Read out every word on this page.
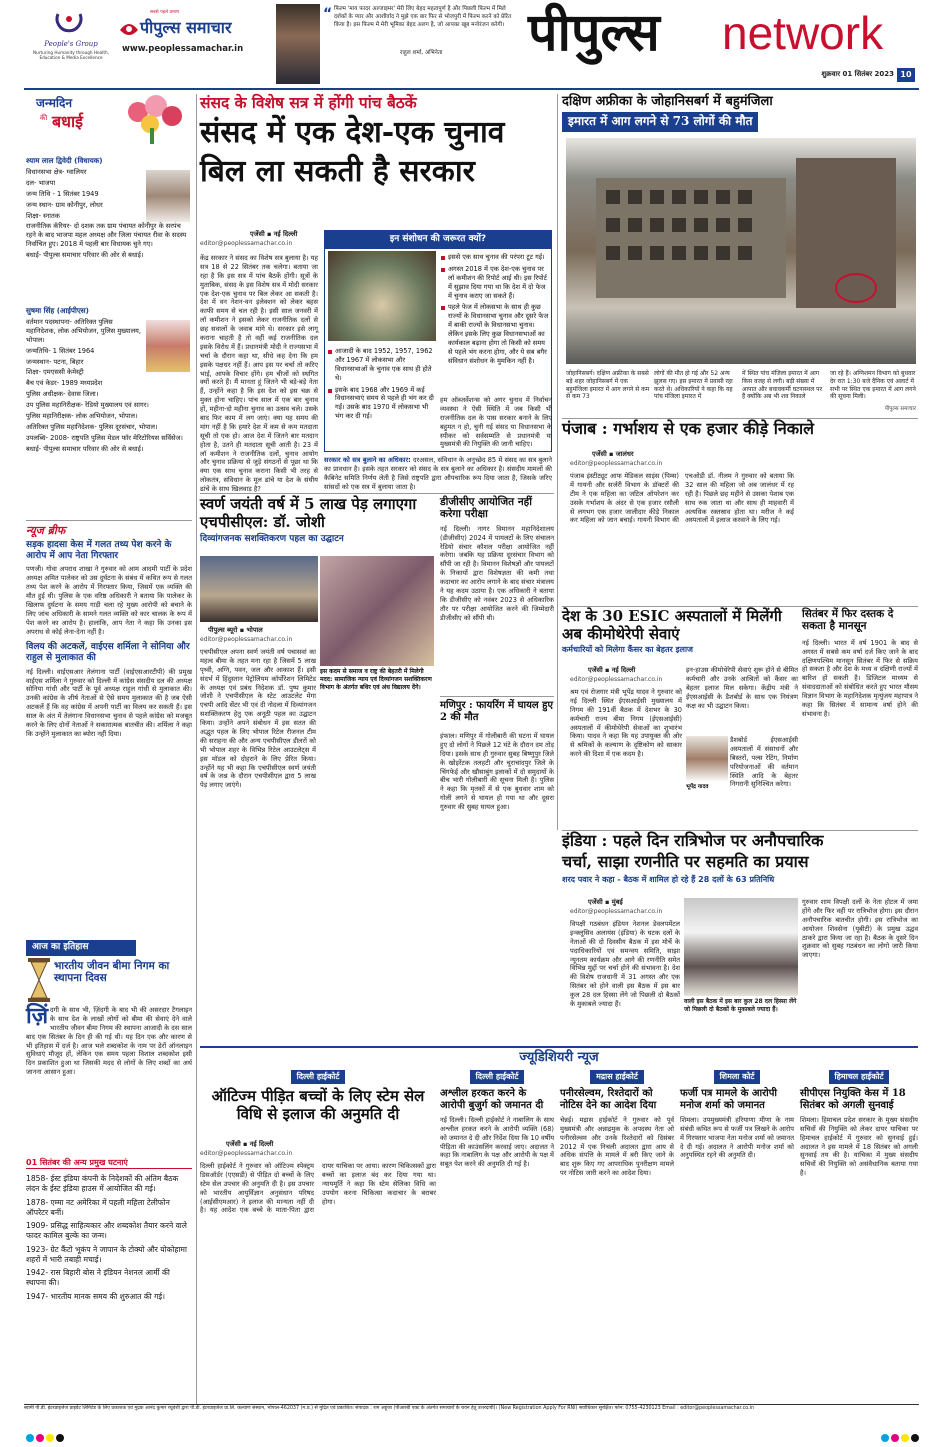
People's Group
Nurturing Humanity through Health, Education & Media Excellence
सबसे पहले प्रमाण
पीपुल्स समाचार
www.peoplessamachar.in
“ फिल्म 'माय फादर अल्जाइमर' मेरी लिए बेहद महत्वपूर्ण है और पिछली फिल्म में मिले दर्शकों के प्यार और आशीर्वाद ने मुझे एक बार फिर से भोजपुरी में फिल्म करने को प्रेरित किया है। इस फिल्म में मेरी भूमिका बेहद अलग है, जो आपका खूब मनोरंजन करेगी।
राहुल शर्मा, अभिनेता	पीपुल्स network
शुक्रवार 01 सितंबर 2023 10
जन्मदिन
की बधाई
श्याम लाल द्विवेदी (विधायक)
विधानसभा क्षेत्र- ग्वालियर
दल- भाजपा
जन्म तिथि - 1 सितंबर 1949
जन्म स्थान- ग्राम कोनीपुर, लोधर
शिक्षा- स्नातक
राजनीतिक कॅरियर- दो दशक तक ग्राम पंचायत कोनीपुर के सरपंच रहने के बाद भाजपा महल अध्यक्ष और जिला पंचायत रीवा के सदस्य निर्वाचित हुए। 2018 में पहली बार विधायक चुने गए।
बधाई- पीपुल्स समाचार परिवार की ओर से बधाई।
सुषमा सिंह (आईपीएस)
वर्तमान पदस्थापना- अतिरिक्त पुलिस महानिदेशक, लोक अभियोजन, पुलिस मुख्यालय, भोपाल।
जन्मतिथि- 1 सितंबर 1964
जन्मस्थान- पटना, बिहार
शिक्षा- एमएससी केमेस्ट्री
बैच एवं केडर- 1989 मध्यप्रदेश
पुलिस अधीक्षक- देवास जिला।
उप पुलिस महानिरीक्षक- रेडियो मुख्यालय एवं सागर।
पुलिस महानिरीक्षक- लोक अभियोजन, भोपाल।
अतिरिक्त पुलिस महानिदेशक- पुलिस दूरसंचार, भोपाल।
उपलब्धि- 2008- राष्ट्रपति पुलिस मेडल फॉर मेरिटोरियस सर्विसेज।
बधाई- पीपुल्स समाचार परिवार की ओर से बधाई।
न्यूज ब्रीफ
सड़क हादसा केस में गलत तथ्य पेश करने के आरोप में आप नेता गिरफ्तार
पणजी। गोवा अपराध शाखा ने गुरुवार को आम आदमी पार्टी के प्रदेश अध्यक्ष अमित पालेकर को उस दुर्घटना के संबंध में कथित रूप से गलत तथ्य पेश करने के आरोप में गिरफ्तार किया, जिसमें एक व्यक्ति की मौत हुई थी। पुलिस के एक वरिष्ठ अधिकारी ने बताया कि पालेकर के खिलाफ दुर्घटना के समय गाड़ी चला रहे मुख्य आरोपी को बचाने के लिए जांच अधिकारी के सामने गलत व्यक्ति को कार चालक के रूप में पेश करने का आरोप है। हालांकि, आप नेता ने कहा कि उनका इस अपराध से कोई लेना-देना नहीं है।
विलय की अटकलें, वाईएस शर्मिला ने सोनिया और राहुल से मुलाकात की
नई दिल्ली। वाईएसआर तेलंगाना पार्टी (वाईएसआरटीपी) की प्रमुख वाईएस शर्मिला ने गुरुवार को दिल्ली में कांग्रेस संसदीय दल की अध्यक्ष सोनिया गांधी और पार्टी के पूर्व अध्यक्ष राहुल गांधी से मुलाकात की। उनकी कांग्रेस के शीर्ष नेताओं से ऐसे समय मुलाकात की है जब ऐसी अटकलें हैं कि वह कांग्रेस में अपनी पार्टी का विलय कर सकती हैं। इस साल के अंत में तेलंगाना विधानसभा चुनाव से पहले कांग्रेस को मजबूत करने के लिए दोनों नेताओं ने सकारात्मक बातचीत की। शर्मिला ने कहा कि उन्होंने मुलाकात का ब्योरा नहीं दिया।
आज का इतिहास
भारतीय जीवन बीमा निगम का स्थापना दिवस
ज़िंदगी के साथ भी, ज़िंदगी के बाद भी की असरदार टैगलाइन के साथ देश के लाखों लोगों को बीमा की सेवाएं देने वाले भारतीय जीवन बीमा निगम की स्थापना आजादी के दस साल बाद एक सितंबर के दिन ही की गई थी। यह दिन एक और कारण से भी इतिहास में दर्ज है। आज भले शब्दकोश के नाम पर ढेरों ऑनलाइन सुविधाएं मौजूद हों, लेकिन एक समय पहला विशाल शब्दकोश इसी दिन प्रकाशित हुआ था जिसकी मदद से लोगों के लिए शब्दों का अर्थ जानना आसान हुआ।
01 सितंबर की अन्य प्रमुख घटनाएं
1858- ईस्ट इंडिया कंपनी के निदेशकों की अंतिम बैठक लंदन के ईस्ट इंडिया हाउस में आयोजित की गई।
1878- एम्मा नट अमेरिका में पहली महिला टेलीफोन ऑपरेटर बनीं।
1909- प्रसिद्ध साहित्यकार और शब्दकोश तैयार करने वाले फादर कामिल बुल्के का जन्म।
1923- ग्रेट कैंटो भूकंप ने जापान के टोक्यो और योकोहामा शहरों में भारी तबाही मचाई।
1942- रास बिहारी बोस ने इंडियन नेशनल आर्मी की स्थापना की।
1947- भारतीय मानक समय की शुरुआत की गई।
संसद के विशेष सत्र में होंगी पांच बैठकें
संसद में एक देश-एक चुनाव बिल ला सकती है सरकार
एजेंसी ▪ नई दिल्ली
editor@peoplessamachar.co.in
केंद्र सरकार ने संसद का विशेष सत्र बुलाया है। यह सत्र 18 से 22 सितंबर तक चलेगा। बताया जा रहा है कि इस सत्र में पांच बैठकें होंगी। सूत्रों के मुताबिक, संसद के इस विशेष सत्र में मोदी सरकार एक देश-एक चुनाव पर बिल लेकर आ सकती है। देश में वन नेशन-वन इलेक्शन को लेकर बहस काफी समय से चल रही है। इसी साल जनवरी में लॉ कमीशन ने इसको लेकर राजनीतिक दलों से छह सवालों के जवाब मांगे थे। सरकार इसे लागू कराना चाहती है तो वहीं कई राजनीतिक दल इसके विरोध में हैं। प्रधानमंत्री मोदी ने राज्यसभा में चर्चा के दौरान कहा था, सीधे कह देना कि हम इसके पक्षधर नहीं हैं। आप इस पर चर्चा तो करिए भाई, आपके विचार होंगे। हम चीजों को स्थगित क्यों करते हैं। मैं मानता हूं जितने भी बड़े-बड़े नेता हैं, उन्होंने कहा है कि इस देश को इस चक्र से मुक्त होना चाहिए। पांच साल में एक बार चुनाव हों, महीना-दो महीना चुनाव का उत्सव चले। उसके बाद फिर काम में लग जाएं। क्या यह समय की मांग नहीं है कि हमारे देश में कम से कम मतदाता सूची तो एक हो। आज देश में जितने बार मतदान होता है, उतने ही मतदाता सूची आती है। 23 में लॉ कमीशन ने राजनीतिक दलों, चुनाव आयोग और चुनाव प्रक्रिया से जुड़े संगठनों से पूछा था कि क्या एक साथ चुनाव कराना किसी भी तरह से लोकतंत्र, संविधान के मूल ढांचे या देश के संघीय ढांचे के साथ खिलवाड़ है?
इन संशोधन की जरूरत क्यों?
आजादी के बाद 1952, 1957, 1962 और 1967 में लोकसभा और विधानसभाओं के चुनाव एक साथ ही होते थे।
इसके बाद 1968 और 1969 में कई विधानसभाएं समय से पहले ही भंग कर दी गईं। उसके बाद 1970 में लोकसभा भी भंग कर दी गई।
इससे एक साथ चुनाव की परंपरा टूट गई।
अगस्त 2018 में एक देश-एक चुनाव पर लॉ कमीशन की रिपोर्ट आई थी। इस रिपोर्ट में सुझाव दिया गया था कि देश में दो फेज में चुनाव कराए जा सकते हैं।
पहले फेज में लोकसभा के साथ ही कुछ राज्यों के विधानसभा चुनाव और दूसरे फेज में बाकी राज्यों के विधानसभा चुनाव। लेकिन इसके लिए कुछ विधानसभाओं का कार्यकाल बढ़ाना होगा तो किसी को समय से पहले भंग करना होगा, और ये सब बगैर संविधान संशोधन के मुमकिन नहीं है।
सरकार को सत्र बुलाने का अधिकार: दरअसल, संविधान के अनुच्छेद 85 में संसद का सत्र बुलाने का प्रावधान है। इसके तहत सरकार को संसद के सत्र बुलाने का अधिकार है। संसदीय मामलों की कैबिनेट समिति निर्णय लेती है जिसे राष्ट्रपति द्वारा औपचारिक रूप दिया जाता है, जिसके जरिए सांसदों को एक सत्र में बुलाया जाता है।
हम ऑब्जर्वेशन्स को अगर चुनाव में निर्वाचन व्यवस्था ने ऐसी स्थिति में जब किसी भी राजनीतिक दल के पास सरकार बनाने के लिए बहुमत न हो, चुनी गई संसद या विधानसभा के स्पीकर को सर्वसम्मति से प्रधानमंत्री या मुख्यमंत्री की नियुक्ति की जानी चाहिए।
स्वर्ण जयंती वर्ष में 5 लाख पेड़ लगाएगा एचपीसीएल: डॉ. जोशी
दिव्यांगजनक सशक्तिकरण पहल का उद्घाटन
इस कदम से समाज व राष्ट्र की बेहतरी में मिलेगी मदद: सामाजिक न्याय एवं दिव्यांगजन सशक्तिकरण विभाग के अंतर्गत बधिर एवं अंध विद्यालय देंगे।
पीपुल्स ब्यूरो ▪ भोपाल
editor@peoplessamachar.co.in
एचपीसीएल अपना स्वर्ण जयंती वर्ष पचासवां का महत्व बीमा के तहत मना रहा है जिसमें 5 लाख पृथ्वी, अग्नि, पवन, जल और आकाश हैं। इसी संदर्भ में हिंदुस्तान पेट्रोलियम कॉर्पोरेशन लिमिटेड के अध्यक्ष एवं प्रबंध निदेशक डॉ. पुष्प कुमार जोशी ने एचपीसीएल के स्टेट आउटलेट मेगा एचपी आदि सेंटर भी एवं दी नोदला में दिव्यांगजन सशक्तिकरण हेतु एक अनूठी पहल का उद्घाटन किया। उन्होंने अपने संबोधन में इस सतत की अद्भुत पहल के लिए भोपाल रिटेल रीजनल टीम की सराहना की और अन्य एचपीसीएल डीलरों को भी भोपाल शहर के विभिन्न रिटेल आउटलेट्स में इस मॉडल को दोहराने के लिए प्रेरित किया। उन्होंने यह भी कहा कि एचपीसीएल स्वर्ण जयंती वर्ष के जश्न के दौरान एचपीसीएल द्वारा 5 लाख पेड़ लगाए जाएंगे।
डीजीसीए आयोजित नहीं करेगा परीक्षा
नई दिल्ली। नागर विमानन महानिदेशालय (डीजीसीए) 2024 में पायलटों के लिए संचालन रेडियो संचार कौशल परीक्षा आयोजित नहीं करेगा। जबकि यह प्रक्रिया दूरसंचार विभाग को सौंपी जा रही है। विमानन विशेषज्ञों और पायलटों के निकायों द्वारा विशेषज्ञता की कमी तथा कदाचार का आरोप लगाने के बाद संचार मंत्रालय ने यह कदम उठाया है। एक अधिकारी ने बताया कि डीजीसीए को नवंबर 2023 से अधिकारिक तौर पर परीक्षा आयोजित करने की जिम्मेदारी डीजीसीए को सौंपी थी।
मणिपुर : फायरिंग में घायल हुए 2 की मौत
इंफाल। मणिपुर में गोलीबारी की घटना में घायल हुए दो लोगों ने पिछले 12 घंटे के दौरान दम तोड़ दिया। इसके साथ ही गुरुवार सुबह बिष्णुपुर जिले के खोइरेंटक तलहटी और चुराचांदपुर जिले के चिंगफेई और खौसाबुंग इलाकों में दो समुदायों के बीच भारी गोलीबारी की सूचना मिली है। पुलिस ने कहा कि मृतकों में से एक बुधवार शाम को गोली लगने से घायल हो गया था और दूसरा गुरुवार की सुबह घायल हुआ।
दक्षिण अफ्रीका के जोहानिसबर्ग में बहुमंजिला
इमारत में आग लगने से 73 लोगों की मौत
जोहानिसबर्ग। दक्षिण अफ्रीका के सबसे बड़े शहर जोहानिसबर्ग में एक बहुमंजिला इमारत में आग लगने से कम से कम 73
लोगों की मौत हो गई और 52 अन्य झुलस गए। इस इमारत में प्रवासी रहा करते थे। अधिकारियों ने कहा कि यह पांच मंजिला इमारत में
में स्थित पांच मंजिला इमारत में आग किस वजह से लगी। बड़ी संख्या में आपात और बचावकर्मी घटनास्थल पर हैं क्योंकि अब भी शव निकाले
जा रहे हैं। अग्निशमन विभाग को बुधवार देर रात 1:30 बजे दैनिक एवं अलार्ट में सभी पर स्थित एक इमारत में आग लगने की सूचना मिली।
पीपुल्स समाचार
पंजाब : गर्भाशय से एक हजार कीड़े निकाले
एजेंसी ▪ जालंधर
editor@peoplessamachar.co.in
पंजाब इंस्टीट्यूट आफ मेडिकल साइंस (पिम्स) में गायनी और सर्जरी विभाग के डॉक्टरों की टीम ने एक महिला का जटिल ऑपरेशन कर उसके गर्भाशय के अंदर से एक हजार रसौली से लगभग एक हजार जालीदार कीड़े निकाल कर महिला को जान बचाई। गायनी विभाग की एचओडी डॉ. नीलम ने गुरुवार को बताया कि 32 साल की महिला जो अब जालंधर में रह रही है। पिछले छह महीने से उसका पेशाब एक साथ रुक जाता था और साथ ही माहवारी में अत्यधिक रक्तस्राव होता था। मरीज ने कई अस्पतालों में इलाज करवाने के लिए गई।
देश के 30 ESIC अस्पतालों में मिलेंगी अब कीमोथेरेपी सेवाएं
कर्मचारियों को मिलेगा कैंसर का बेहतर इलाज
एजेंसी ▪ नई दिल्ली
editor@peoplessamachar.co.in
श्रम एवं रोजगार मंत्री भूपेंद्र यादव ने गुरुवार को नई दिल्ली स्थित ईएसआईसी मुख्यालय में निगम की 191वीं बैठक में देशभर के 30 कर्मचारी राज्य बीमा निगम (ईएसआईसी) अस्पतालों में कीमोथेरेपी सेवाओं का शुभारंभ किया। यादव ने कहा कि यह उपायुक्त की ओर से श्रमिकों के कल्याण के दृष्टिकोण को साकार करने की दिशा में एक कदम है।
इन-हाउस कीमोथेरेपी सेवाएं शुरू होने से बीमित कर्मचारी और उनके आश्रितों को कैंसर का बेहतर इलाज मिल सकेगा। केंद्रीय मंत्री ने ईएसआईसी के डैशबोर्ड के साथ एक नियंत्रण कक्ष का भी उद्घाटन किया।
भूपेंद्र यादव
डैशबोर्ड ईएसआईसी अस्पतालों में संसाधनों और बिस्तरों, पल्स रेटिंग, निर्माण परियोजनाओं की वर्तमान स्थिति आदि के बेहतर निगरानी सुनिश्चित करेगा।
सितंबर में फिर दस्तक दे सकता है मानसून
नई दिल्ली। भारत में वर्ष 1901 के बाद से अगस्त में सबसे कम वर्षा दर्ज किए जाने के बाद दक्षिणपश्चिम मानसून सितंबर में फिर से सक्रिय हो सकता है और देश के मध्य व दक्षिणी राज्यों में बारिश हो सकती है। डिजिटल माध्यम से संवाददाताओं को संबोधित करते हुए भारत मौसम विज्ञान विभाग के महानिदेशक मृत्युंजय महापात्र ने कहा कि सितंबर में सामान्य वर्षा होने की संभावना है।
इंडिया : पहले दिन रात्रिभोज पर अनौपचारिक
चर्चा, साझा रणनीति पर सहमति का प्रयास
शरद पवार ने कहा - बैठक में शामिल हो रहे हैं 28 दलों के 63 प्रतिनिधि
एजेंसी ▪ मुंबई
editor@peoplessamachar.co.in
विपक्षी गठबंधन इंडियन नेशनल डेवलपमेंटल इन्क्लूसिव अलायंस (इंडिया) के घटक दलों के नेताओं की दो दिवसीय बैठक में इस मोर्चे के पदाधिकारियों एवं समन्वय समिति, साझा न्यूनतम कार्यक्रम और आगे की रणनीति समेत विभिन्न मुद्दों पर चर्चा होने की संभावना है। देश की विशेष राजधानी में 31 अगस्त और एक सितंबर को होने वाली इस बैठक में इस बार कुल 28 दल हिस्सा लेंगे जो पिछली दो बैठकों के मुकाबले ज्यादा हैं।	वाली इस बैठक में इस बार कुल 28 दल हिस्सा लेंगे जो पिछली दो बैठकों के मुकाबले ज्यादा हैं।
गुरुवार शाम विपक्षी दलों के नेता होटल में जमा होंगे और फिर वहीं पर रात्रिभोज होगा। इस दौरान अनौपचारिक बातचीत होगी। इस रात्रिभोज का आयोजन शिवसेना (यूबीटी) के प्रमुख उद्धव ठाकरे द्वारा किया जा रहा है। बैठक के दूसरे दिन शुक्रवार को सुबह गठबंधन का लोगो जारी किया जाएगा।
ज्यूडिशियरी न्यूज
दिल्ली हाईकोर्ट
ऑटिज्म पीड़ित बच्चों के लिए स्टेम सेल विधि से इलाज की अनुमति दी
एजेंसी ▪ नई दिल्ली
editor@peoplessamachar.co.in
दिल्ली हाईकोर्ट ने गुरुवार को ऑटिज्म स्पेक्ट्रम डिसऑर्डर (एएसडी) से पीड़ित दो बच्चों के लिए स्टेम सेल उपचार की अनुमति दी है। इस उपचार को भारतीय आयुर्विज्ञान अनुसंधान परिषद (आईसीएमआर) ने इलाज की मान्यता नहीं दी है। यह आदेश एक बच्चे के माता-पिता द्वारा दायर याचिका पर आया। कारण चिकित्सकों द्वारा बच्चों का इलाज बंद कर दिया गया था। न्यायमूर्ति ने कहा कि स्टेम सेलिका विधि का उपयोग करना चिकित्सा कदाचार के बराबर होगा।
दिल्ली हाईकोर्ट
अश्लील हरकत करने के आरोपी बुजुर्ग को जमानत दी
नई दिल्ली। दिल्ली हाईकोर्ट ने नाबालिग के साथ अश्लील हरकत करने के आरोपी व्यक्ति (68) को जमानत दे दी और निर्देश दिया कि 10 वर्षीय पीड़िता की काउंसलिंग करवाई जाए। अदालत ने कहा कि नाबालिग के पक्ष और आरोपी के पक्ष में सबूत पेश करने की अनुमति दी गई है।
मद्रास हाईकोर्ट
पनीरसेल्वम, रिश्तेदारों को नोटिस देने का आदेश दिया
चेन्नई। मद्रास हाईकोर्ट ने गुरुवार को पूर्व मुख्यमंत्री और अन्नाद्रमुक के अपदस्थ नेता ओ पनीरसेल्वम और उनके रिश्तेदारों को दिसंबर 2012 में एक निचली अदालत द्वारा आय से अधिक संपत्ति के मामले में बरी किए जाने के बाद शुरू किए गए आपराधिक पुनरीक्षण मामले पर नोटिस जारी करने का आदेश दिया।
शिमला कोर्ट
फर्जी पत्र मामले के आरोपी मनोज शर्मा को जमानत
शिमला। उपमुख्यमंत्री हरियाणा मीणा के नाम संबंधी कथित रूप से फर्जी पत्र लिखने के आरोप में गिरफ्तार भाजपा नेता मनोज शर्मा को जमानत दे दी गई। अदालत ने आरोपी मनोज शर्मा को अनुपस्थित रहने की अनुमति दी।
हिमाचल हाईकोर्ट
सीपीएस नियुक्ति केस में 18 सितंबर को अगली सुनवाई
शिमला। हिमाचल प्रदेश सरकार के मुख्य संसदीय सचिवों की नियुक्ति को लेकर दायर याचिका पर हिमाचल हाईकोर्ट में गुरुवार को सुनवाई हुई। अदालत ने इस मामले में 18 सितंबर को अगली सुनवाई तय की है। याचिका में मुख्य संसदीय सचिवों की नियुक्ति को असंवैधानिक बताया गया है।
स्वामी पी.डी. इंटरप्राइजेज प्राइवेट लिमिटेड के लिए प्रकाशक एवं मुद्रक आनंद कुमार रघुवंशी द्वारा पी.डी. इंटरप्राइजेज प्रा.लि. कल्याण संस्थान, भोपाल-462037 (म.प्र.) से मुद्रित एवं प्रकाशित। संपादक : राम अहूजा (पीआरबी एक्ट के अंतर्गत समाचारों के चयन हेतु उत्तरदायी)। (New Registration Apply For RNI) सर्वाधिकार सुरक्षित। फोन: 0755-4230123 Email : editor@peoplessamachar.co.in
